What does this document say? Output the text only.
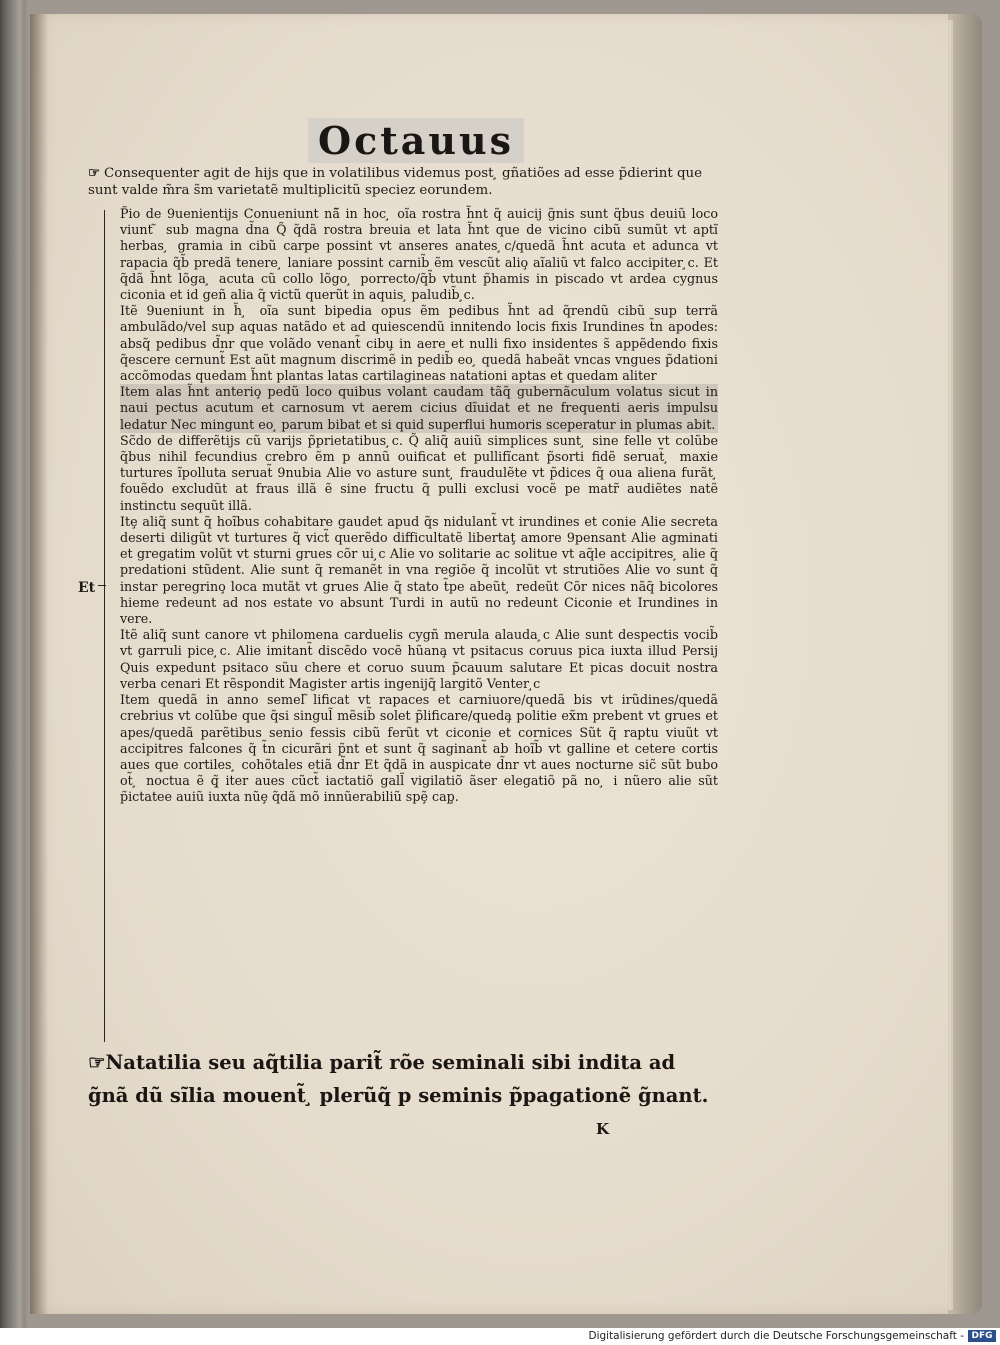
Octauus
☞ Consequenter agit de hijs que in volatilibus videmus post ̧ gñatiões ad esse p̃dierint que sunt valde m̃ra s̃m varietatẽ multiplicitũ speciez eorundem.
Et

P̃io de 9uenientijs Conueniunt nã̃ in hoc ̧ oĩa rostra h̃nt q̃ auicij g̃nis sunt q̃bus deuiũ loco viunt ̃ sub magna d̃na Q̃ q̃dã rostra breuia et lata h̃nt que de vicino cibũ sumũt vt aptĩ herbas ̧ gramia in cibũ carpe possint vt anseres anates ̧c/quedã h̃nt acuta et adunca vt rapacia q̃b̃ predã tenere ̧ laniare possint carnib̃ ẽm vescũt alio̧ aĩaliũ vt falco accipiter ̧c. Et q̃dã h̃nt lõga ̧ acuta cũ collo lõgo ̧ porrecto/q̃b̃ vtunt p̃hamis in piscado vt ardea cygnus ciconia et id geñ alia q̃ victũ querũt in aquis ̧ paludib̃ ̧c.

Itẽ 9ueniunt in h̃ ̧ oĩa sunt bipedia opus ẽm pedibus h̃nt ad q̃rendũ cibũ sup terrã ambulãdo/vel sup aquas natãdo et ad quiescendũ innitendo locis fixis Irundines t̃n apodes: absq̃ pedibus d̃nr que volãdo venant̃ cibu̧ in aere et nulli fixo insidentes s̃ appẽdendo fixis q̃escere cernunt̃ Est aũt magnum discrimẽ in pedib̃ eo ̧ quedã habeãt vncas vngues p̃dationi accõmodas quedam h̃nt plantas latas cartilagineas natationi aptas et quedam aliter

Item alas h̃nt anterio̧ pedũ loco quibus volant caudam tãq̃ gubernãculum volatus sicut in naui pectus acutum et carnosum vt aerem cicius dĩuidat et ne frequenti aeris impulsu ledatur Nec mingunt eo ̧ parum bibat et si quid superflui humoris sceperatur in plumas abit.

Sc̃do de differẽtijs cũ varijs p̃prietatibus ̧c. Q̃ aliq̃ auiũ simplices sunt ̧ sine felle vt colũbe q̃bus nihil fecundius crebro ẽm p annũ ouificat et pullifĩcant p̃sorti fidẽ seruat̃ ̧ maxie turtures ĩpolluta seruat̃ 9nubia Alie vo asture sunt ̧ fraudulẽte vt p̃dices q̃ oua aliena furãt ̧ fouẽdo excludũt at fraus illã ẽ sine fructu q̃ pulli exclusi vocẽ pe matr̃ audiẽtes natẽ instinctu sequũt illã.

Itȩ aliq̃ sunt q̃ hoĩbus cohabitare gaudet apud q̃s nidulant̃ vt irundines et conie Alie secreta deserti diligũt vt turtures q̃ vict̃ querẽdo difficultatẽ libertaţ amore 9pensant Alie agminati et gregatim volũt vt sturni grues cõr ui ̧c Alie vo solitarie ac solitue vt aq̃le accipitres ̧ alie q̃ predationi stũdent. Alie sunt q̃ remanẽt in vna regiõe q̃ incolũt vt strutiões Alie vo sunt q̃ instar peregrino̧ loca mutãt vt grues Alie q̃ stato t̃pe abeũt ̧ redeũt Cõr nices nãq̃ bicolores hieme redeunt ad nos estate vo absunt Turdi in autũ no redeunt Ciconie et Irundines in vere.

Itẽ aliq̃ sunt canore vt philomena carduelis cygñ merula alauda ̧c Alie sunt despectis vocib̃ vt garruli pice ̧c. Alie imitant̃ discẽdo vocẽ hũana̧ vt psitacus coruus pica iuxta illud Persij Quis expedunt psitaco sũu chere et coruo suum p̃cauum salutare Et picas docuit nostra verba cenari Et rẽspondit Magister artis ingenijq̃ largitõ Venter ̧c

Item quedã in anno semel ̃lificat vt rapaces et carniuore/quedã bis vt irũdines/quedã crebrius vt colũbe que q̃si singul̃ mẽsib̃ solet p̃lificare/queda̧ politie ex̃m prebent vt grues et apes/quedã parẽtibus senio fessis cibũ ferũt vt ciconie et cornices Sũt q̃ raptu viuũt vt accipitres falcones q̃ t̃n cicurãri p̃nt et sunt q̃ saginant̃ ab hoĩb̃ vt galline et cetere cortis aues que cortiles ̧ cohõtales etiã d̃nr Et q̃dã in auspicate d̃nr vt aues nocturne sic̃ sũt bubo ot̃ ̧ noctua ẽ q̧̃ iter aues cũct̃ iactatiõ gall̃ vigilatiõ ãser elegatiõ pã no ̧ i nũero alie sũt p̃ictatee auiũ iuxta nũȩ q̃dã mõ innũerabiliũ spȩ̃ cap̧.

☞Natatilia seu aq̃tilia parit̃ rõe seminali sibi indita ad g̃nã dũ sĩlia mouent̃ ̧ plerũq̃ p seminis p̃pagationẽ g̃nant.
K
Digitalisierung gefördert durch die Deutsche Forschungsgemeinschaft - DFG
